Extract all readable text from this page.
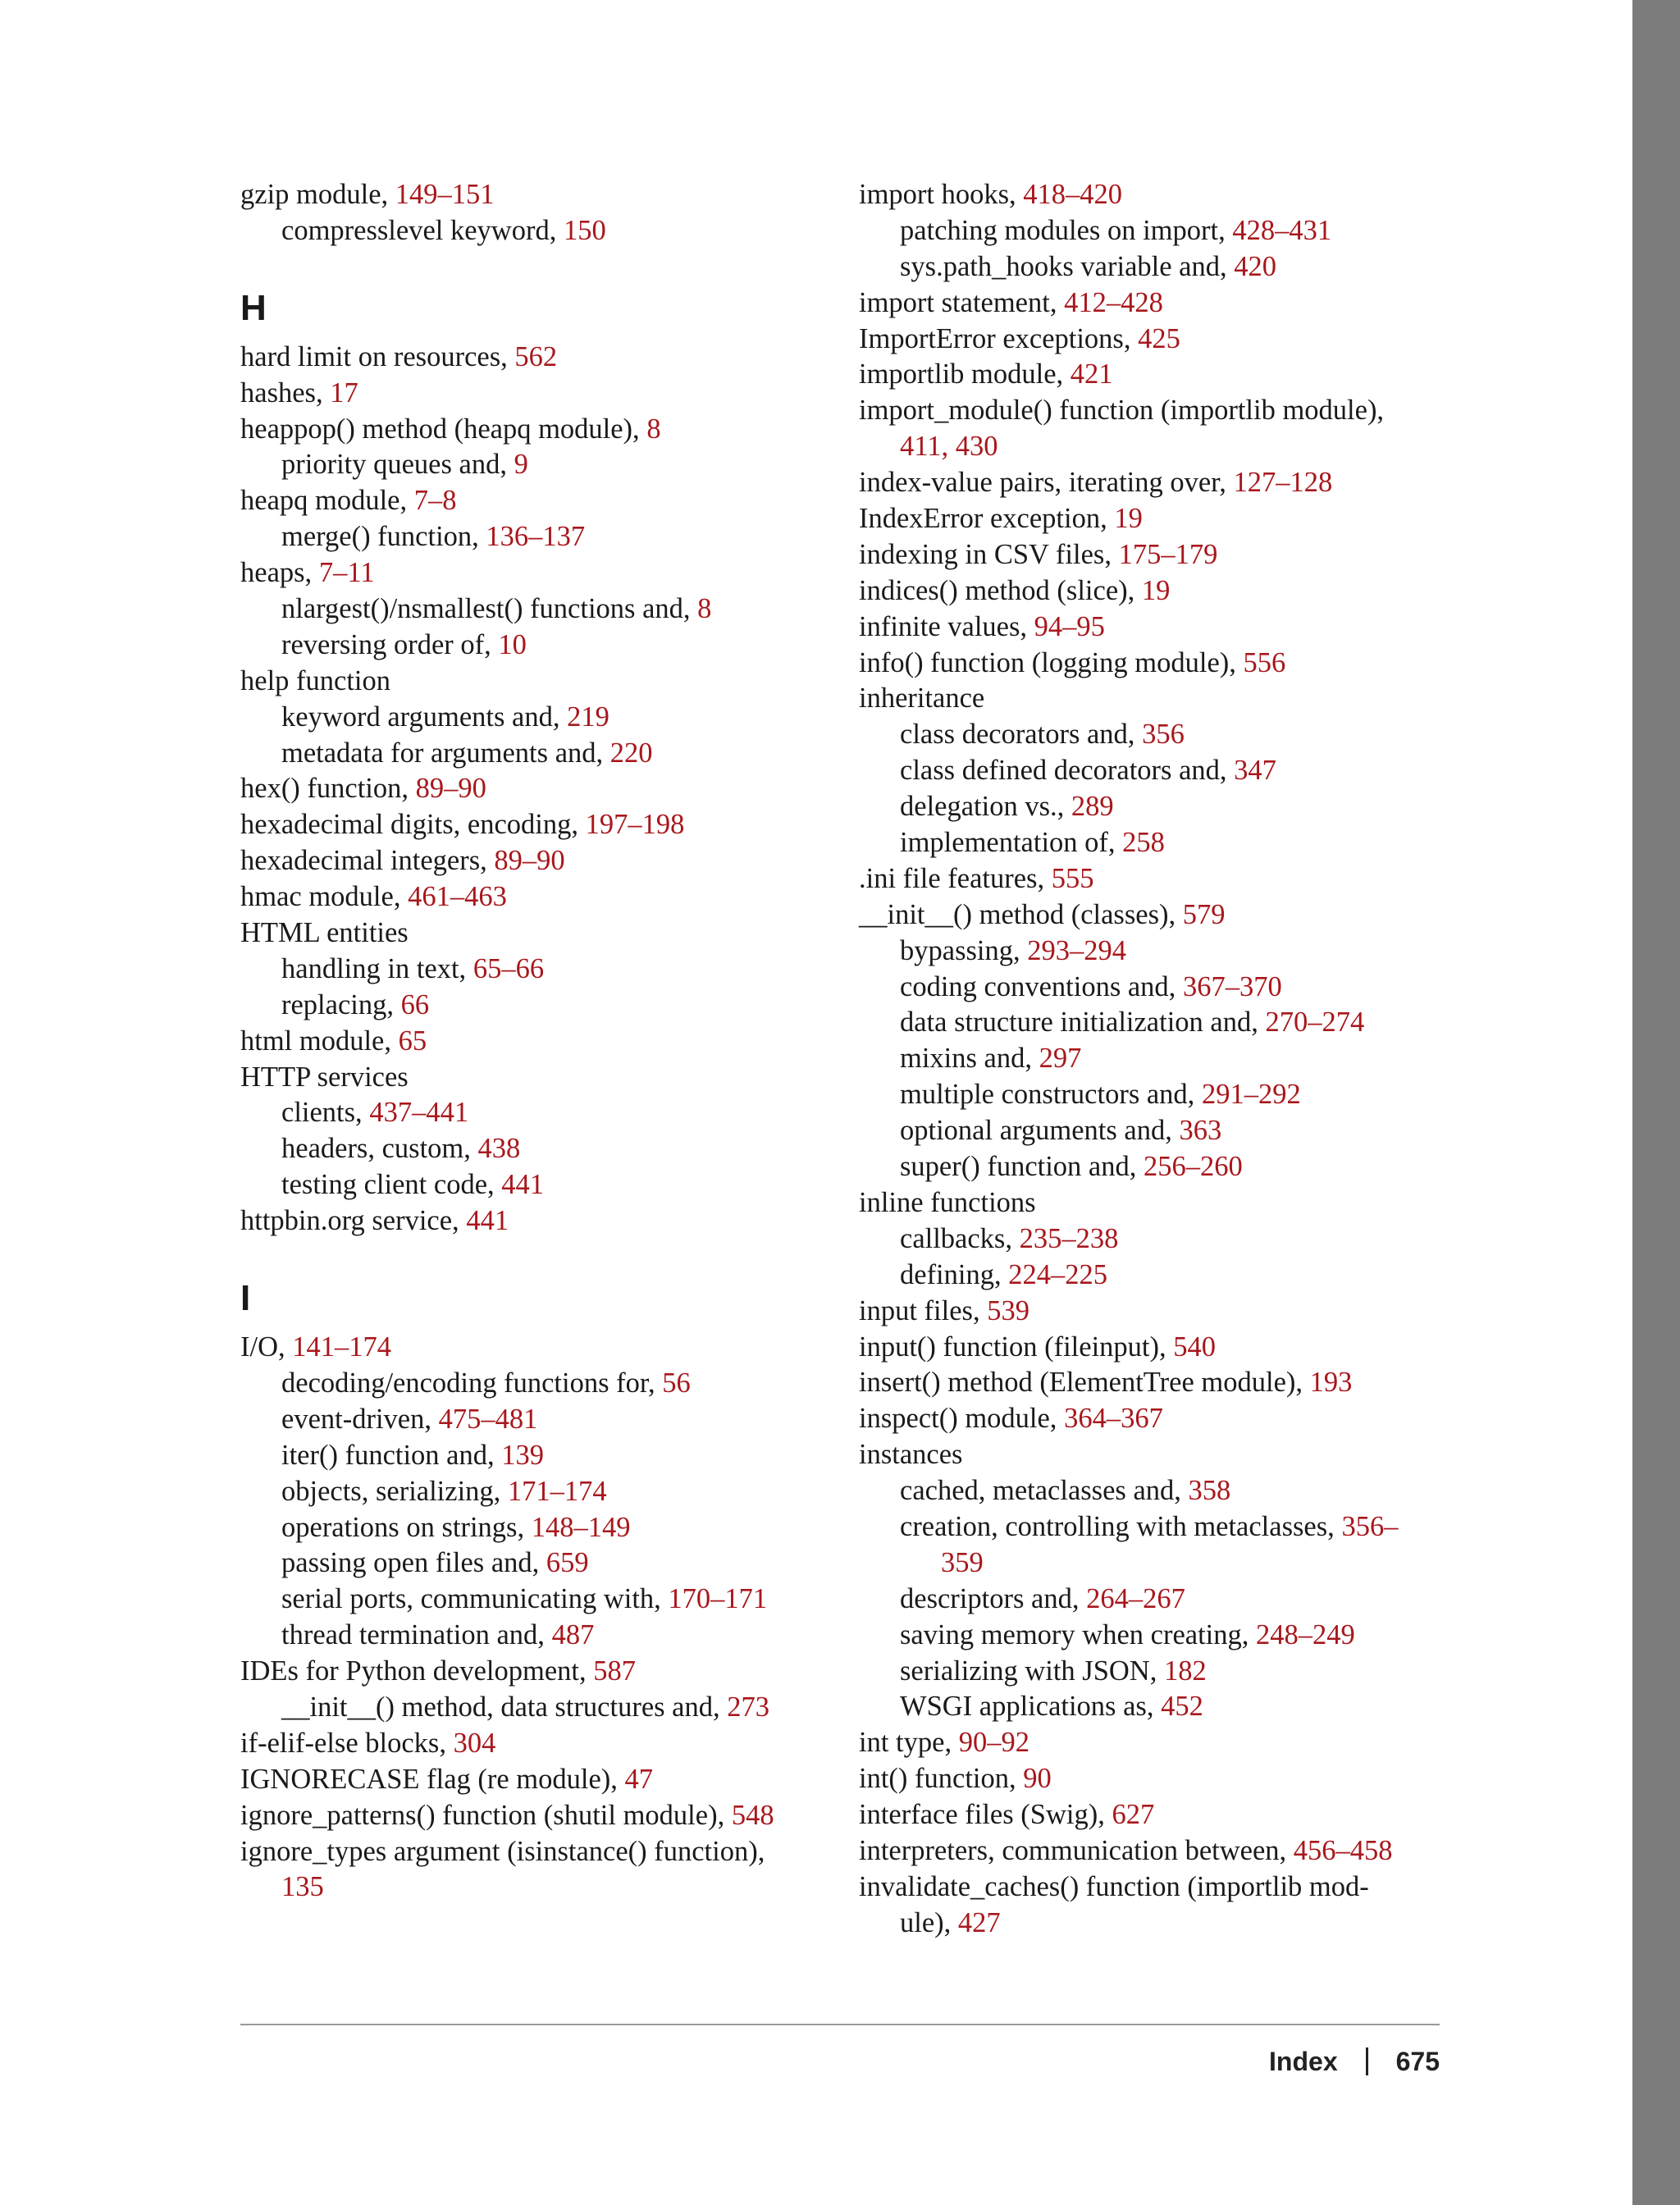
gzip module, 149–151
compresslevel keyword, 150
H
hard limit on resources, 562
hashes, 17
heappop() method (heapq module), 8
priority queues and, 9
heapq module, 7–8
merge() function, 136–137
heaps, 7–11
nlargest()/nsmallest() functions and, 8
reversing order of, 10
help function
keyword arguments and, 219
metadata for arguments and, 220
hex() function, 89–90
hexadecimal digits, encoding, 197–198
hexadecimal integers, 89–90
hmac module, 461–463
HTML entities
handling in text, 65–66
replacing, 66
html module, 65
HTTP services
clients, 437–441
headers, custom, 438
testing client code, 441
httpbin.org service, 441
I
I/O, 141–174
decoding/encoding functions for, 56
event-driven, 475–481
iter() function and, 139
objects, serializing, 171–174
operations on strings, 148–149
passing open files and, 659
serial ports, communicating with, 170–171
thread termination and, 487
IDEs for Python development, 587
__init__() method, data structures and, 273
if-elif-else blocks, 304
IGNORECASE flag (re module), 47
ignore_patterns() function (shutil module), 548
ignore_types argument (isinstance() function),
135
import hooks, 418–420
patching modules on import, 428–431
sys.path_hooks variable and, 420
import statement, 412–428
ImportError exceptions, 425
importlib module, 421
import_module() function (importlib module),
411, 430
index-value pairs, iterating over, 127–128
IndexError exception, 19
indexing in CSV files, 175–179
indices() method (slice), 19
infinite values, 94–95
info() function (logging module), 556
inheritance
class decorators and, 356
class defined decorators and, 347
delegation vs., 289
implementation of, 258
.ini file features, 555
__init__() method (classes), 579
bypassing, 293–294
coding conventions and, 367–370
data structure initialization and, 270–274
mixins and, 297
multiple constructors and, 291–292
optional arguments and, 363
super() function and, 256–260
inline functions
callbacks, 235–238
defining, 224–225
input files, 539
input() function (fileinput), 540
insert() method (ElementTree module), 193
inspect() module, 364–367
instances
cached, metaclasses and, 358
creation, controlling with metaclasses, 356–
359
descriptors and, 264–267
saving memory when creating, 248–249
serializing with JSON, 182
WSGI applications as, 452
int type, 90–92
int() function, 90
interface files (Swig), 627
interpreters, communication between, 456–458
invalidate_caches() function (importlib mod-
ule), 427
Index 675
